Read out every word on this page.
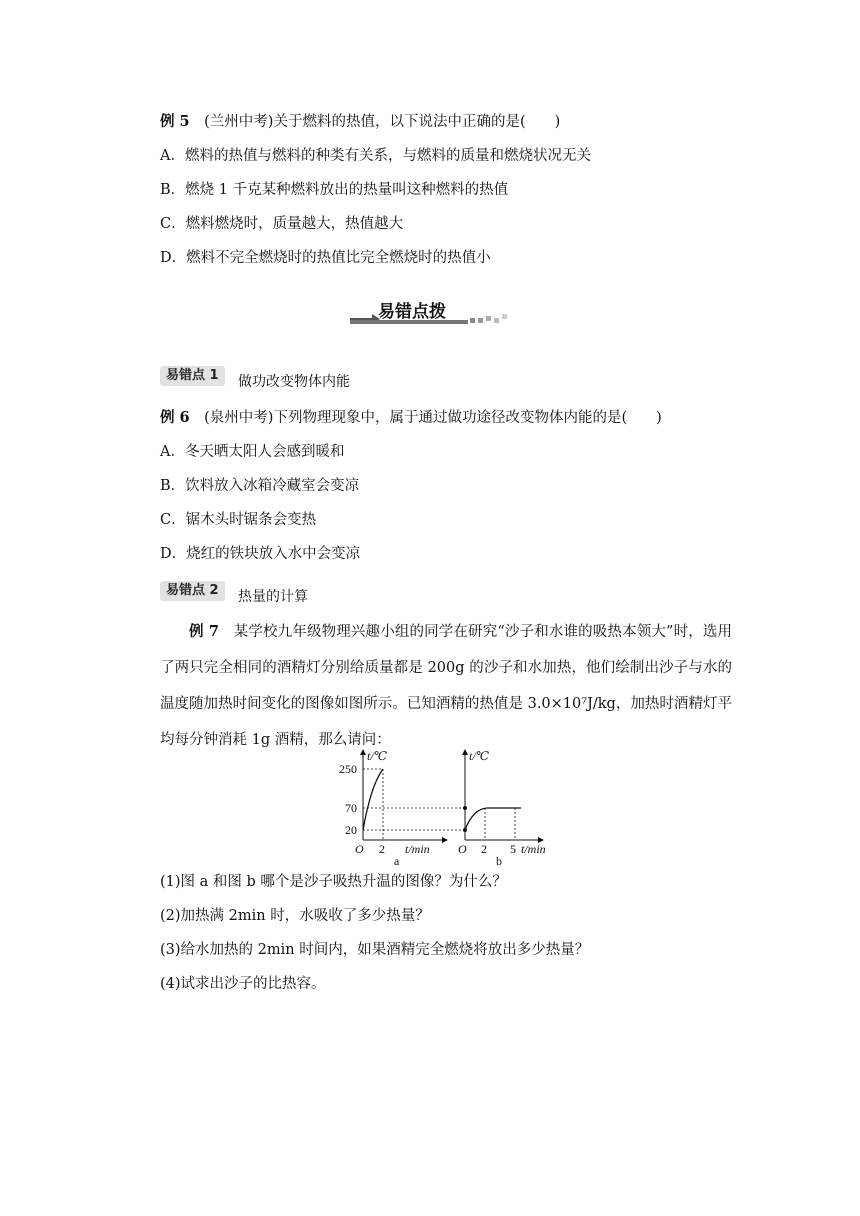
例 5　 (兰州中考)关于燃料的热值，以下说法中正确的是(　　)
A．燃料的热值与燃料的种类有关系，与燃料的质量和燃烧状况无关
B．燃烧 1 千克某种燃料放出的热量叫这种燃料的热值
C．燃料燃烧时，质量越大，热值越大
D．燃料不完全燃烧时的热值比完全燃烧时的热值小
易错点拨
易错点 1	做功改变物体内能
例 6　 (泉州中考)下列物理现象中，属于通过做功途径改变物体内能的是(　　)
A．冬天晒太阳人会感到暖和
B．饮料放入冰箱冷藏室会变凉
C．锯木头时锯条会变热
D．烧红的铁块放入水中会变凉
易错点 2	热量的计算
例 7　 某学校九年级物理兴趣小组的同学在研究“沙子和水谁的吸热本领大”时，选用了两只完全相同的酒精灯分别给质量都是 200g 的沙子和水加热，他们绘制出沙子与水的温度随加热时间变化的图像如图所示。已知酒精的热值是 3.0×10⁷J/kg，加热时酒精灯平均每分钟消耗 1g 酒精，那么请问：
t/℃
250
70
20
O 2 t/min
a
t/℃
O 2 5 t/min
b
(1)图 a 和图 b 哪个是沙子吸热升温的图像？为什么？
(2)加热满 2min 时，水吸收了多少热量？
(3)给水加热的 2min 时间内，如果酒精完全燃烧将放出多少热量？
(4)试求出沙子的比热容。
